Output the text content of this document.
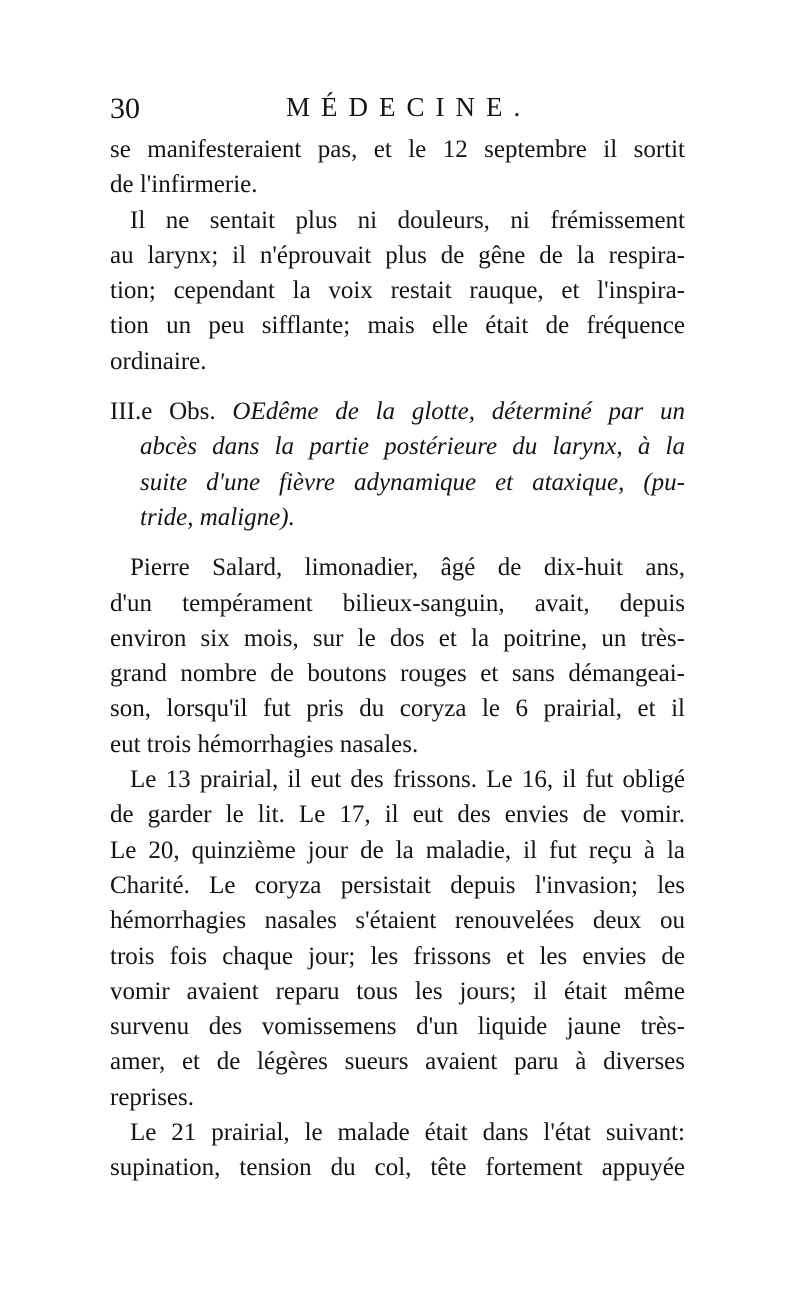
30	MÉDECINE.
se manifesteraient pas, et le 12 septembre il sortit
de l'infirmerie.
Il ne sentait plus ni douleurs, ni frémissement
au larynx; il n'éprouvait plus de gêne de la respira-
tion; cependant la voix restait rauque, et l'inspira-
tion un peu sifflante; mais elle était de fréquence
ordinaire.
III.e Obs. OEdême de la glotte, déterminé par un
abcès dans la partie postérieure du larynx, à la
suite d'une fièvre adynamique et ataxique, (pu-
tride, maligne).
Pierre Salard, limonadier, âgé de dix-huit ans,
d'un tempérament bilieux-sanguin, avait, depuis
environ six mois, sur le dos et la poitrine, un très-
grand nombre de boutons rouges et sans démangeai-
son, lorsqu'il fut pris du coryza le 6 prairial, et il
eut trois hémorrhagies nasales.
Le 13 prairial, il eut des frissons. Le 16, il fut obligé
de garder le lit. Le 17, il eut des envies de vomir.
Le 20, quinzième jour de la maladie, il fut reçu à la
Charité. Le coryza persistait depuis l'invasion; les
hémorrhagies nasales s'étaient renouvelées deux ou
trois fois chaque jour; les frissons et les envies de
vomir avaient reparu tous les jours; il était même
survenu des vomissemens d'un liquide jaune très-
amer, et de légères sueurs avaient paru à diverses
reprises.
Le 21 prairial, le malade était dans l'état suivant:
supination, tension du col, tête fortement appuyée
